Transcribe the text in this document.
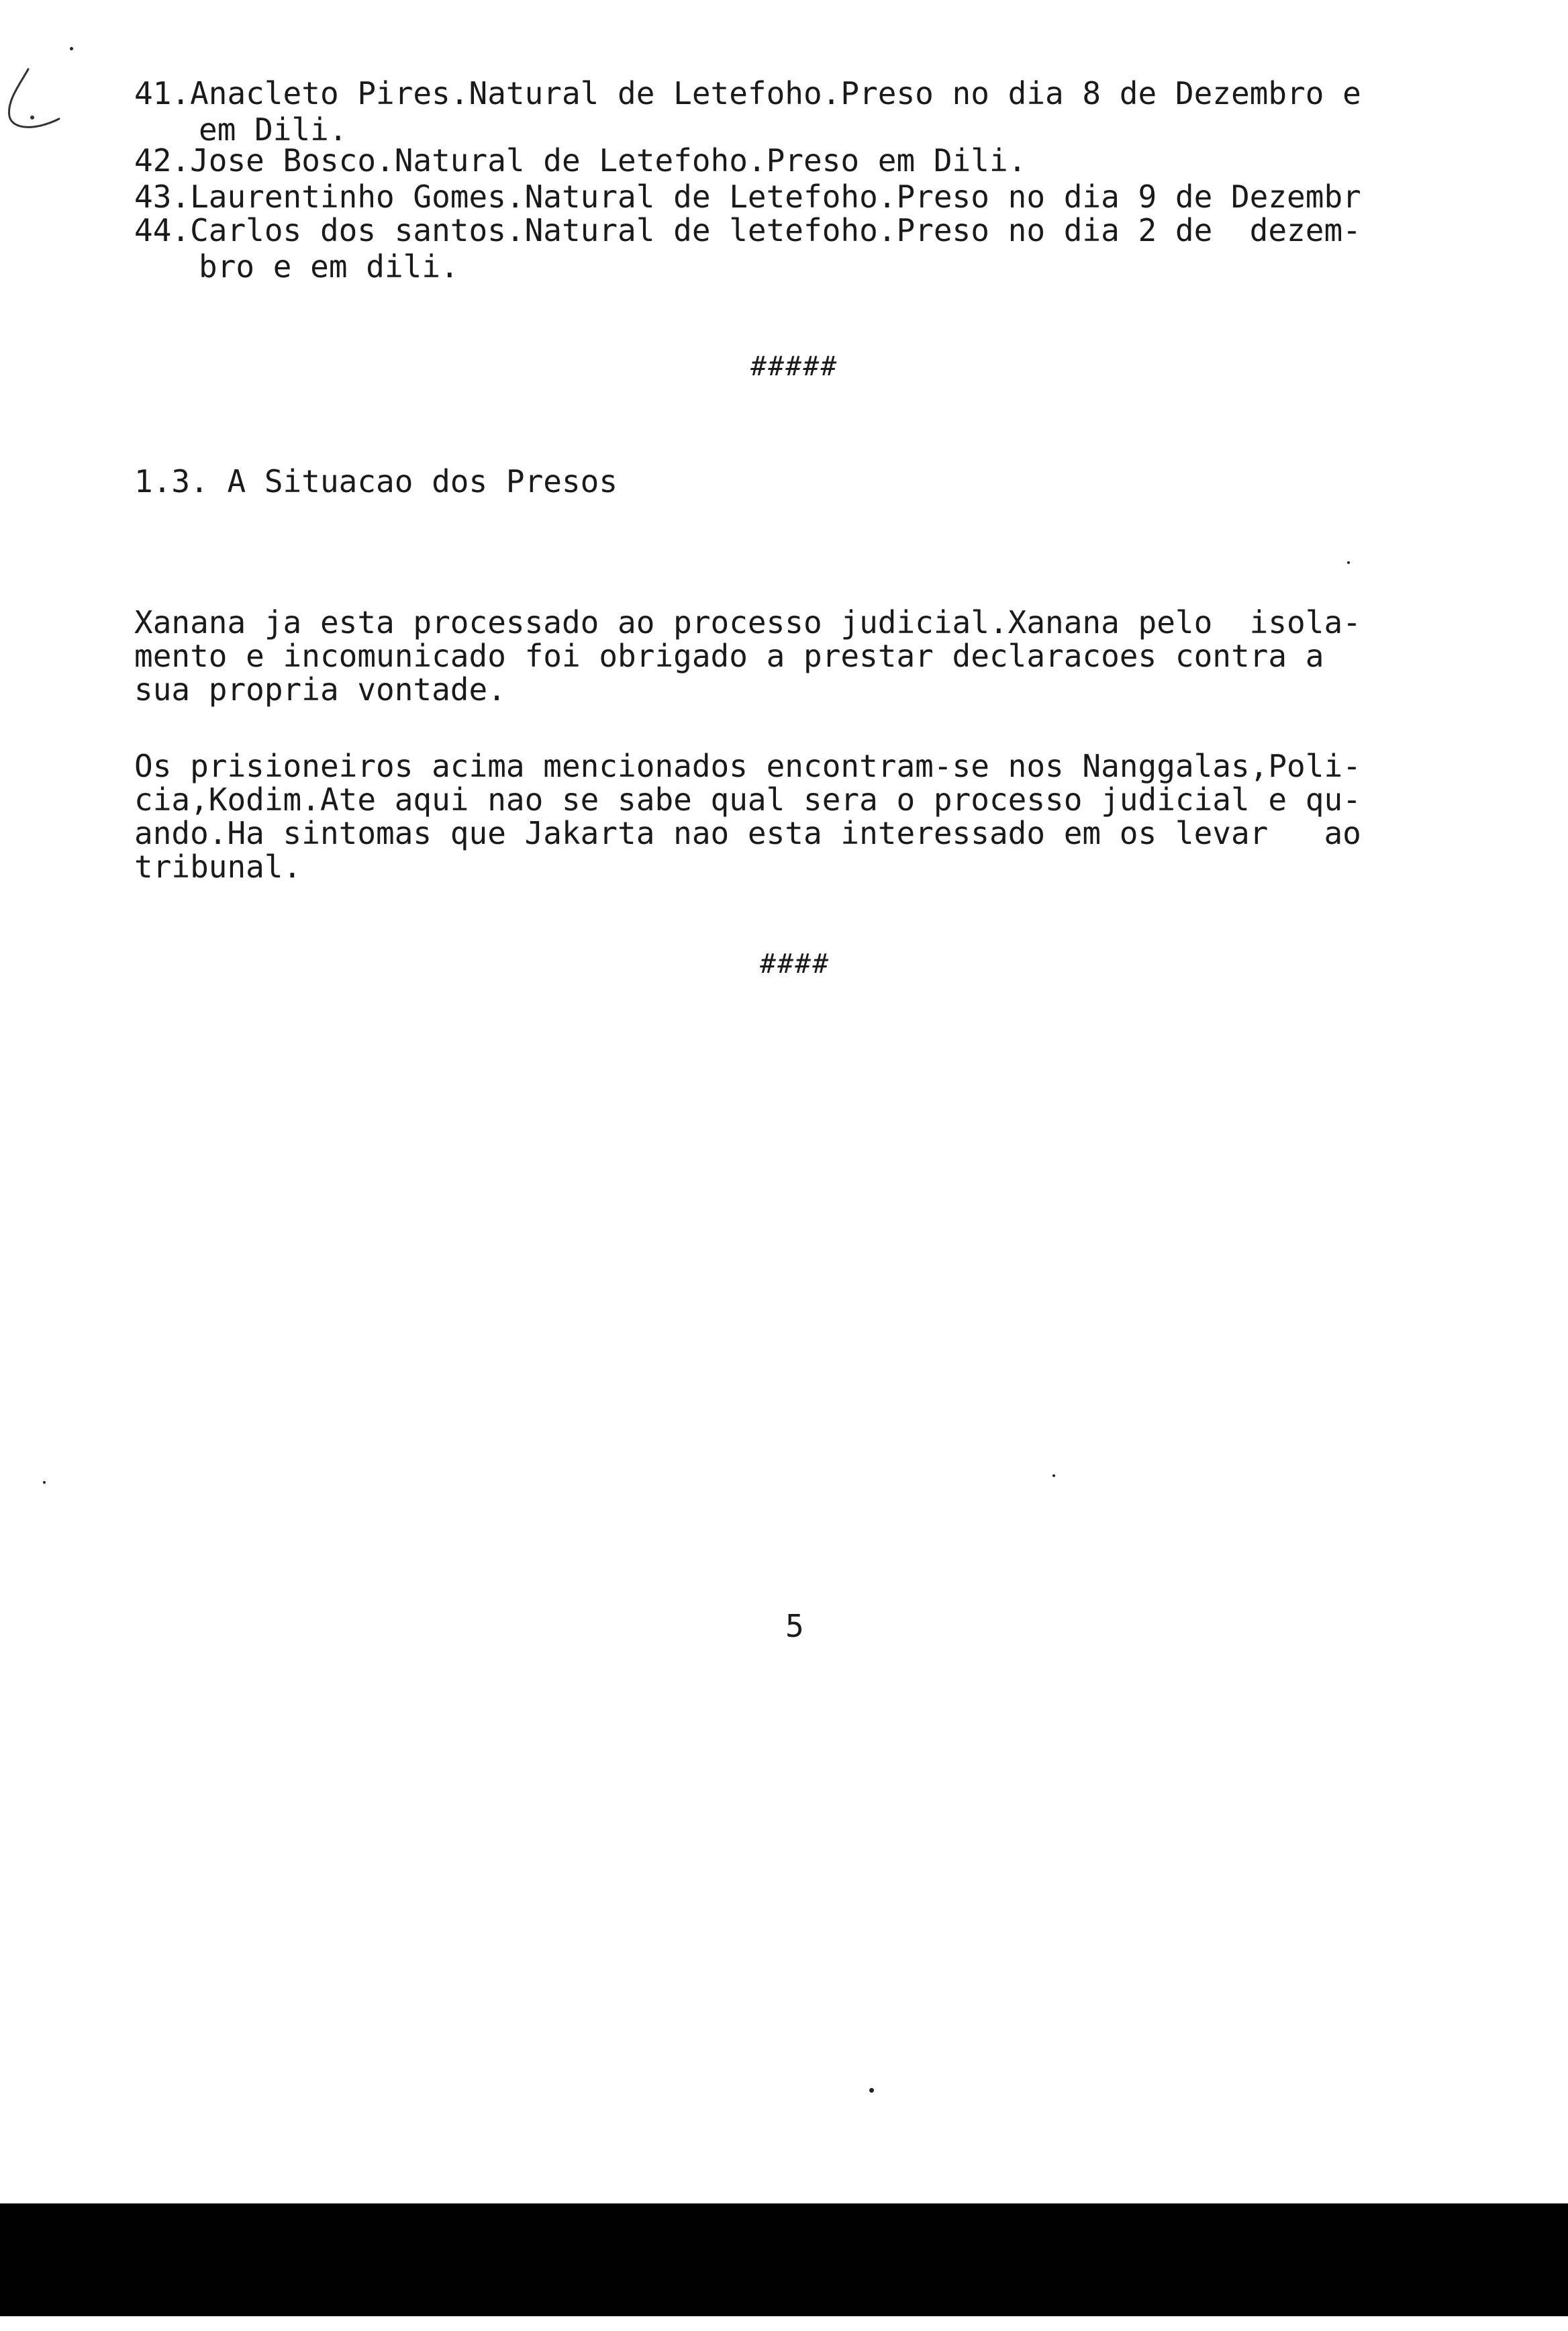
41.Anacleto Pires.Natural de Letefoho.Preso no dia 8 de Dezembro e
em Dili.
42.Jose Bosco.Natural de Letefoho.Preso em Dili.
43.Laurentinho Gomes.Natural de Letefoho.Preso no dia 9 de Dezembr
44.Carlos dos santos.Natural de letefoho.Preso no dia 2 de  dezem-
bro e em dili.
#####
1.3. A Situacao dos Presos
Xanana ja esta processado ao processo judicial.Xanana pelo  isola-
mento e incomunicado foi obrigado a prestar declaracoes contra a
sua propria vontade.
Os prisioneiros acima mencionados encontram-se nos Nanggalas,Poli-
cia,Kodim.Ate aqui nao se sabe qual sera o processo judicial e qu-
ando.Ha sintomas que Jakarta nao esta interessado em os levar   ao
tribunal.
####
5
